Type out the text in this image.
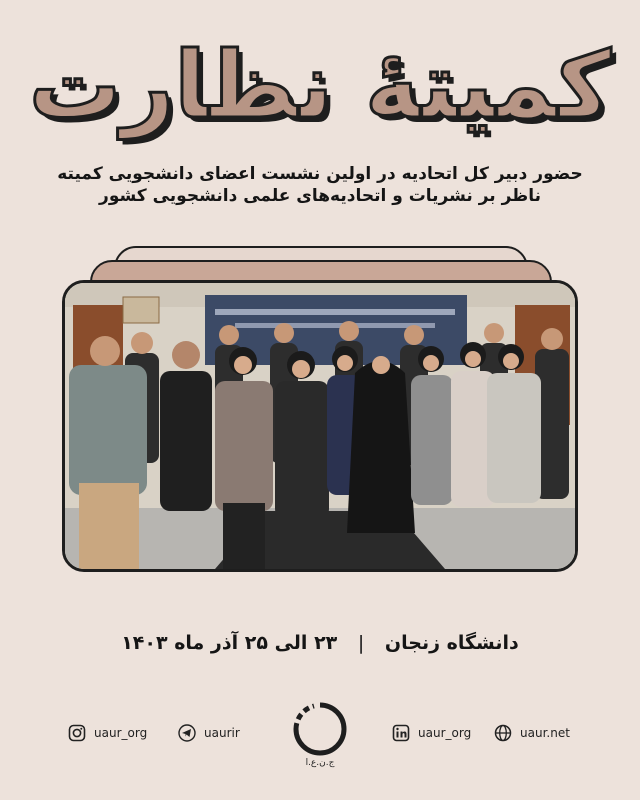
کمیتهٔ نظارت
حضور دبیر کل اتحادیه در اولین نشست اعضای دانشجویی کمیته ناظر بر نشریات و اتحادیه‌های علمی دانشجویی کشور
دانشگاه زنجان | ۲۳ الی ۲۵ آذر ماه ۱۴۰۳
uaur_org	uaurir
ج.ن.ع.ا
uaur_org	uaur.net
